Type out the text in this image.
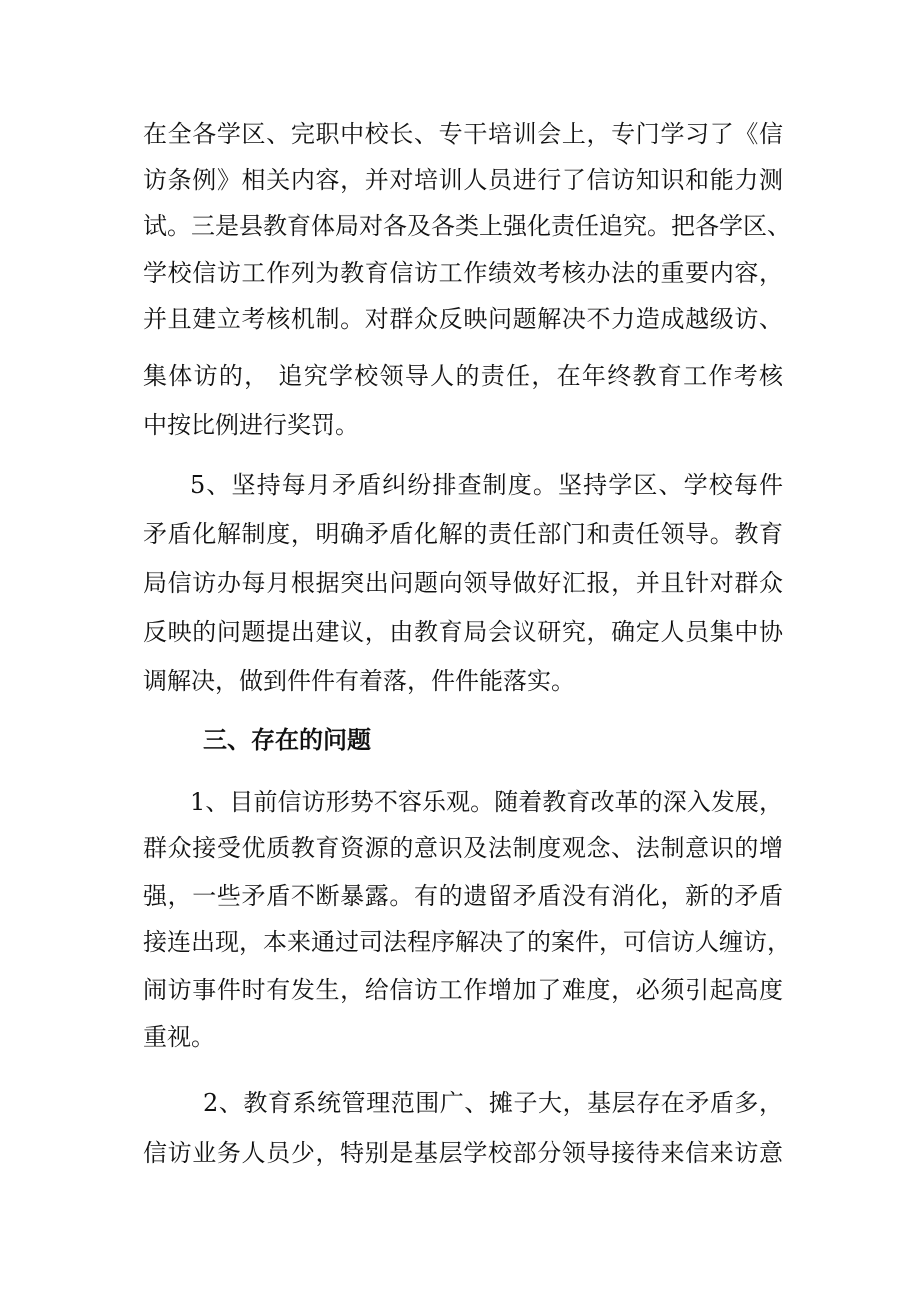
在全各学区、完职中校长、专干培训会上，专门学习了《信
访条例》相关内容，并对培训人员进行了信访知识和能力测
试。三是县教育体局对各及各类上强化责任追究。把各学区、
学校信访工作列为教育信访工作绩效考核办法的重要内容，
并且建立考核机制。对群众反映问题解决不力造成越级访、
集体访的， 追究学校领导人的责任，在年终教育工作考核
中按比例进行奖罚。
5、坚持每月矛盾纠纷排查制度。坚持学区、学校每件
矛盾化解制度，明确矛盾化解的责任部门和责任领导。教育
局信访办每月根据突出问题向领导做好汇报，并且针对群众
反映的问题提出建议，由教育局会议研究，确定人员集中协
调解决，做到件件有着落，件件能落实。
三、存在的问题
1、目前信访形势不容乐观。随着教育改革的深入发展，
群众接受优质教育资源的意识及法制度观念、法制意识的增
强，一些矛盾不断暴露。有的遗留矛盾没有消化，新的矛盾
接连出现，本来通过司法程序解决了的案件，可信访人缠访，
闹访事件时有发生，给信访工作增加了难度，必须引起高度
重视。
2、教育系统管理范围广、摊子大，基层存在矛盾多，
信访业务人员少，特别是基层学校部分领导接待来信来访意
